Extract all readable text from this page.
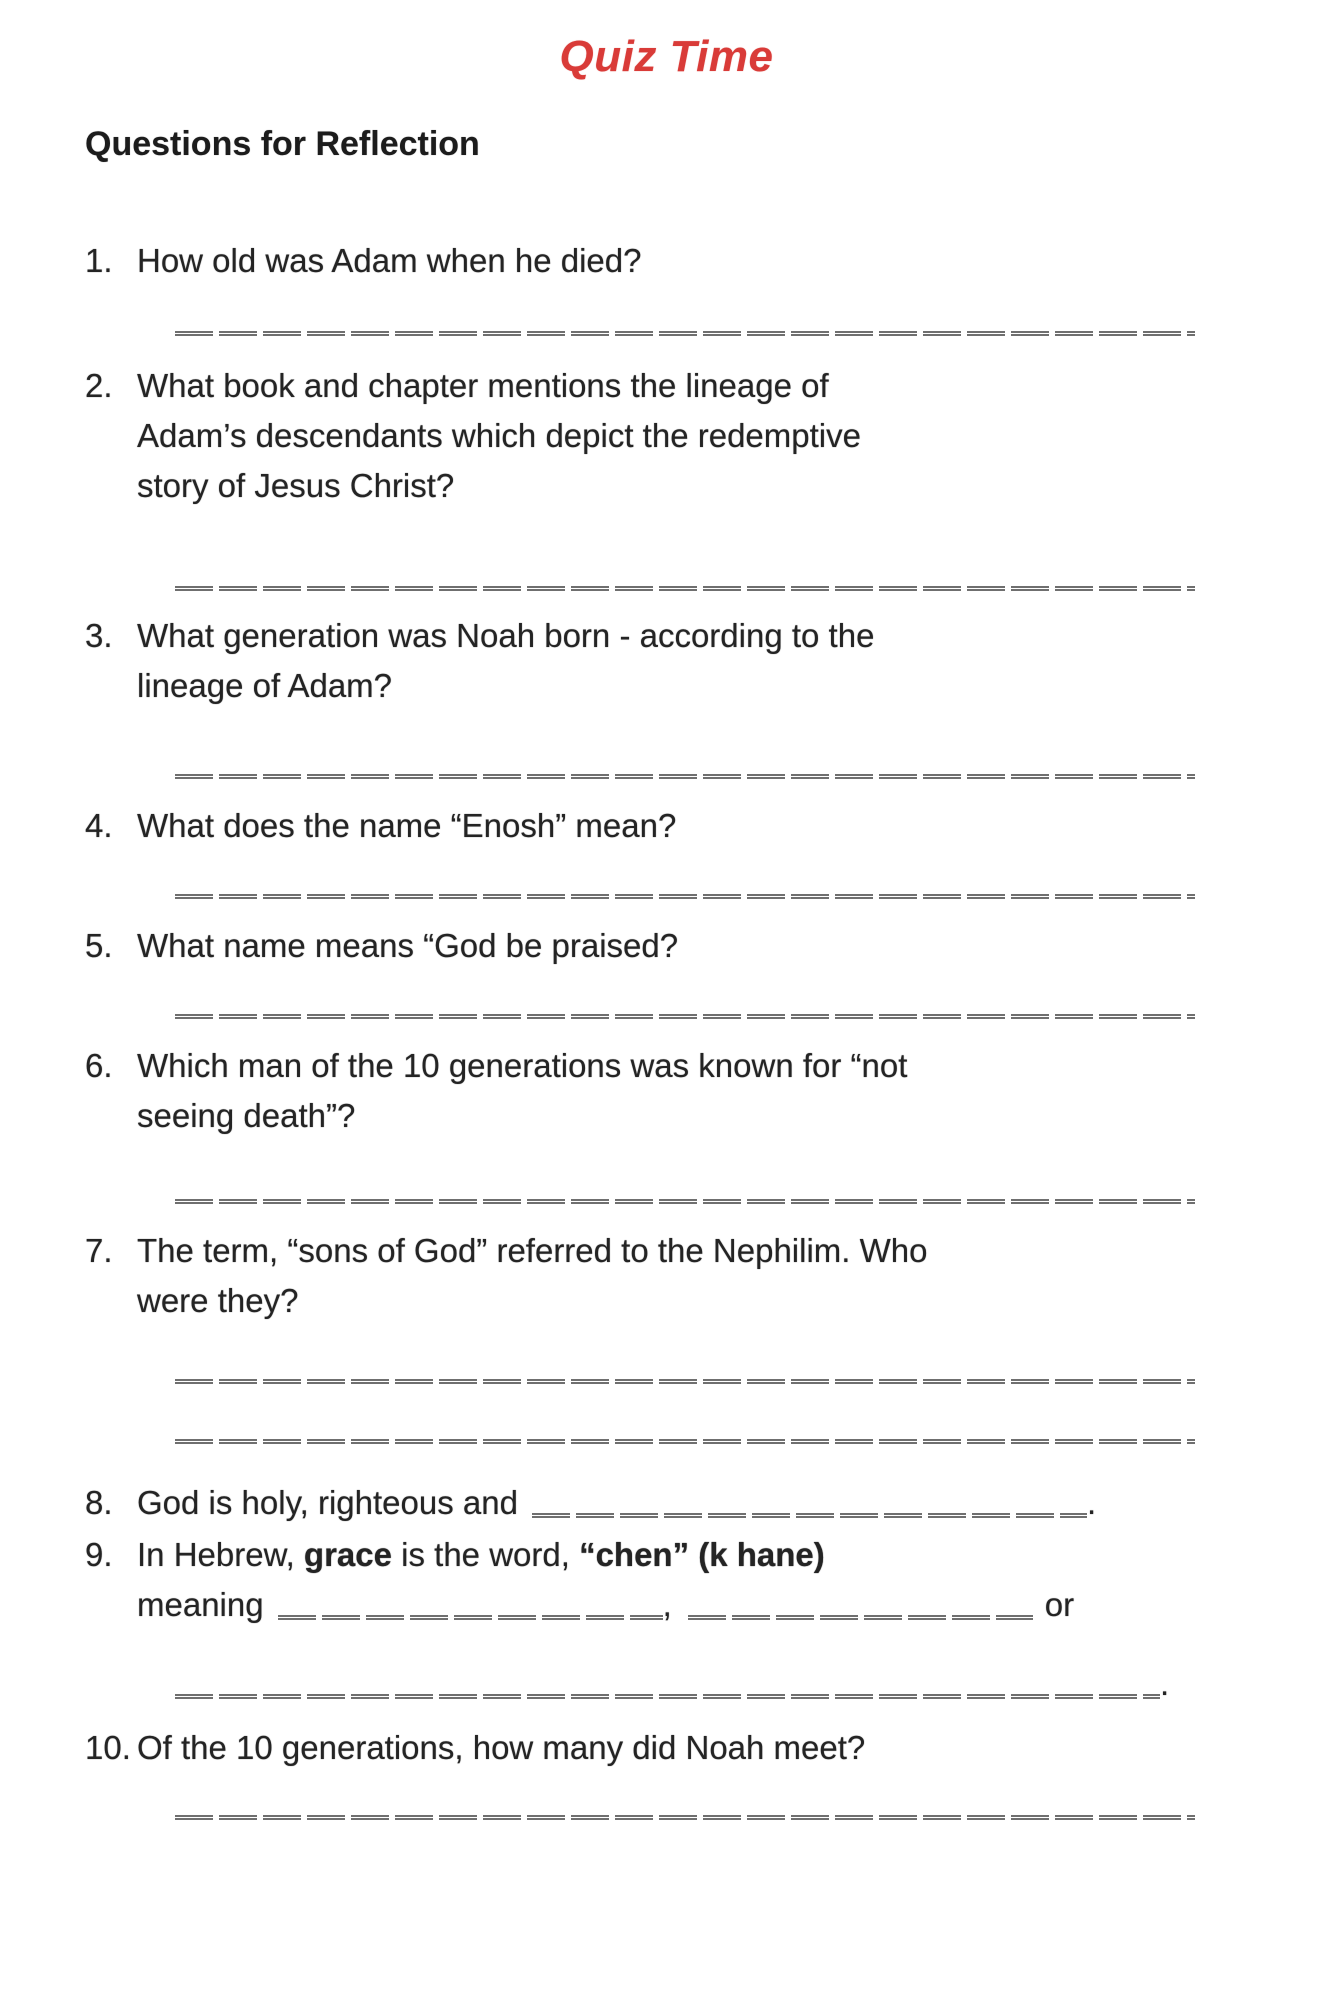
Quiz Time
Questions for Reflection
1. How old was Adam when he died?
2. What book and chapter mentions the lineage of
Adam’s descendants which depict the redemptive
story of Jesus Christ?
3. What generation was Noah born - according to the
lineage of Adam?
4. What does the name “Enosh” mean?
5. What name means “God be praised?
6. Which man of the 10 generations was known for “not
seeing death”?
7. The term, “sons of God” referred to the Nephilim. Who
were they?
8. God is holy, righteous and	.
9. In Hebrew, grace is the word, “chen” (k hane)
meaning	,	or
.
10. Of the 10 generations, how many did Noah meet?
